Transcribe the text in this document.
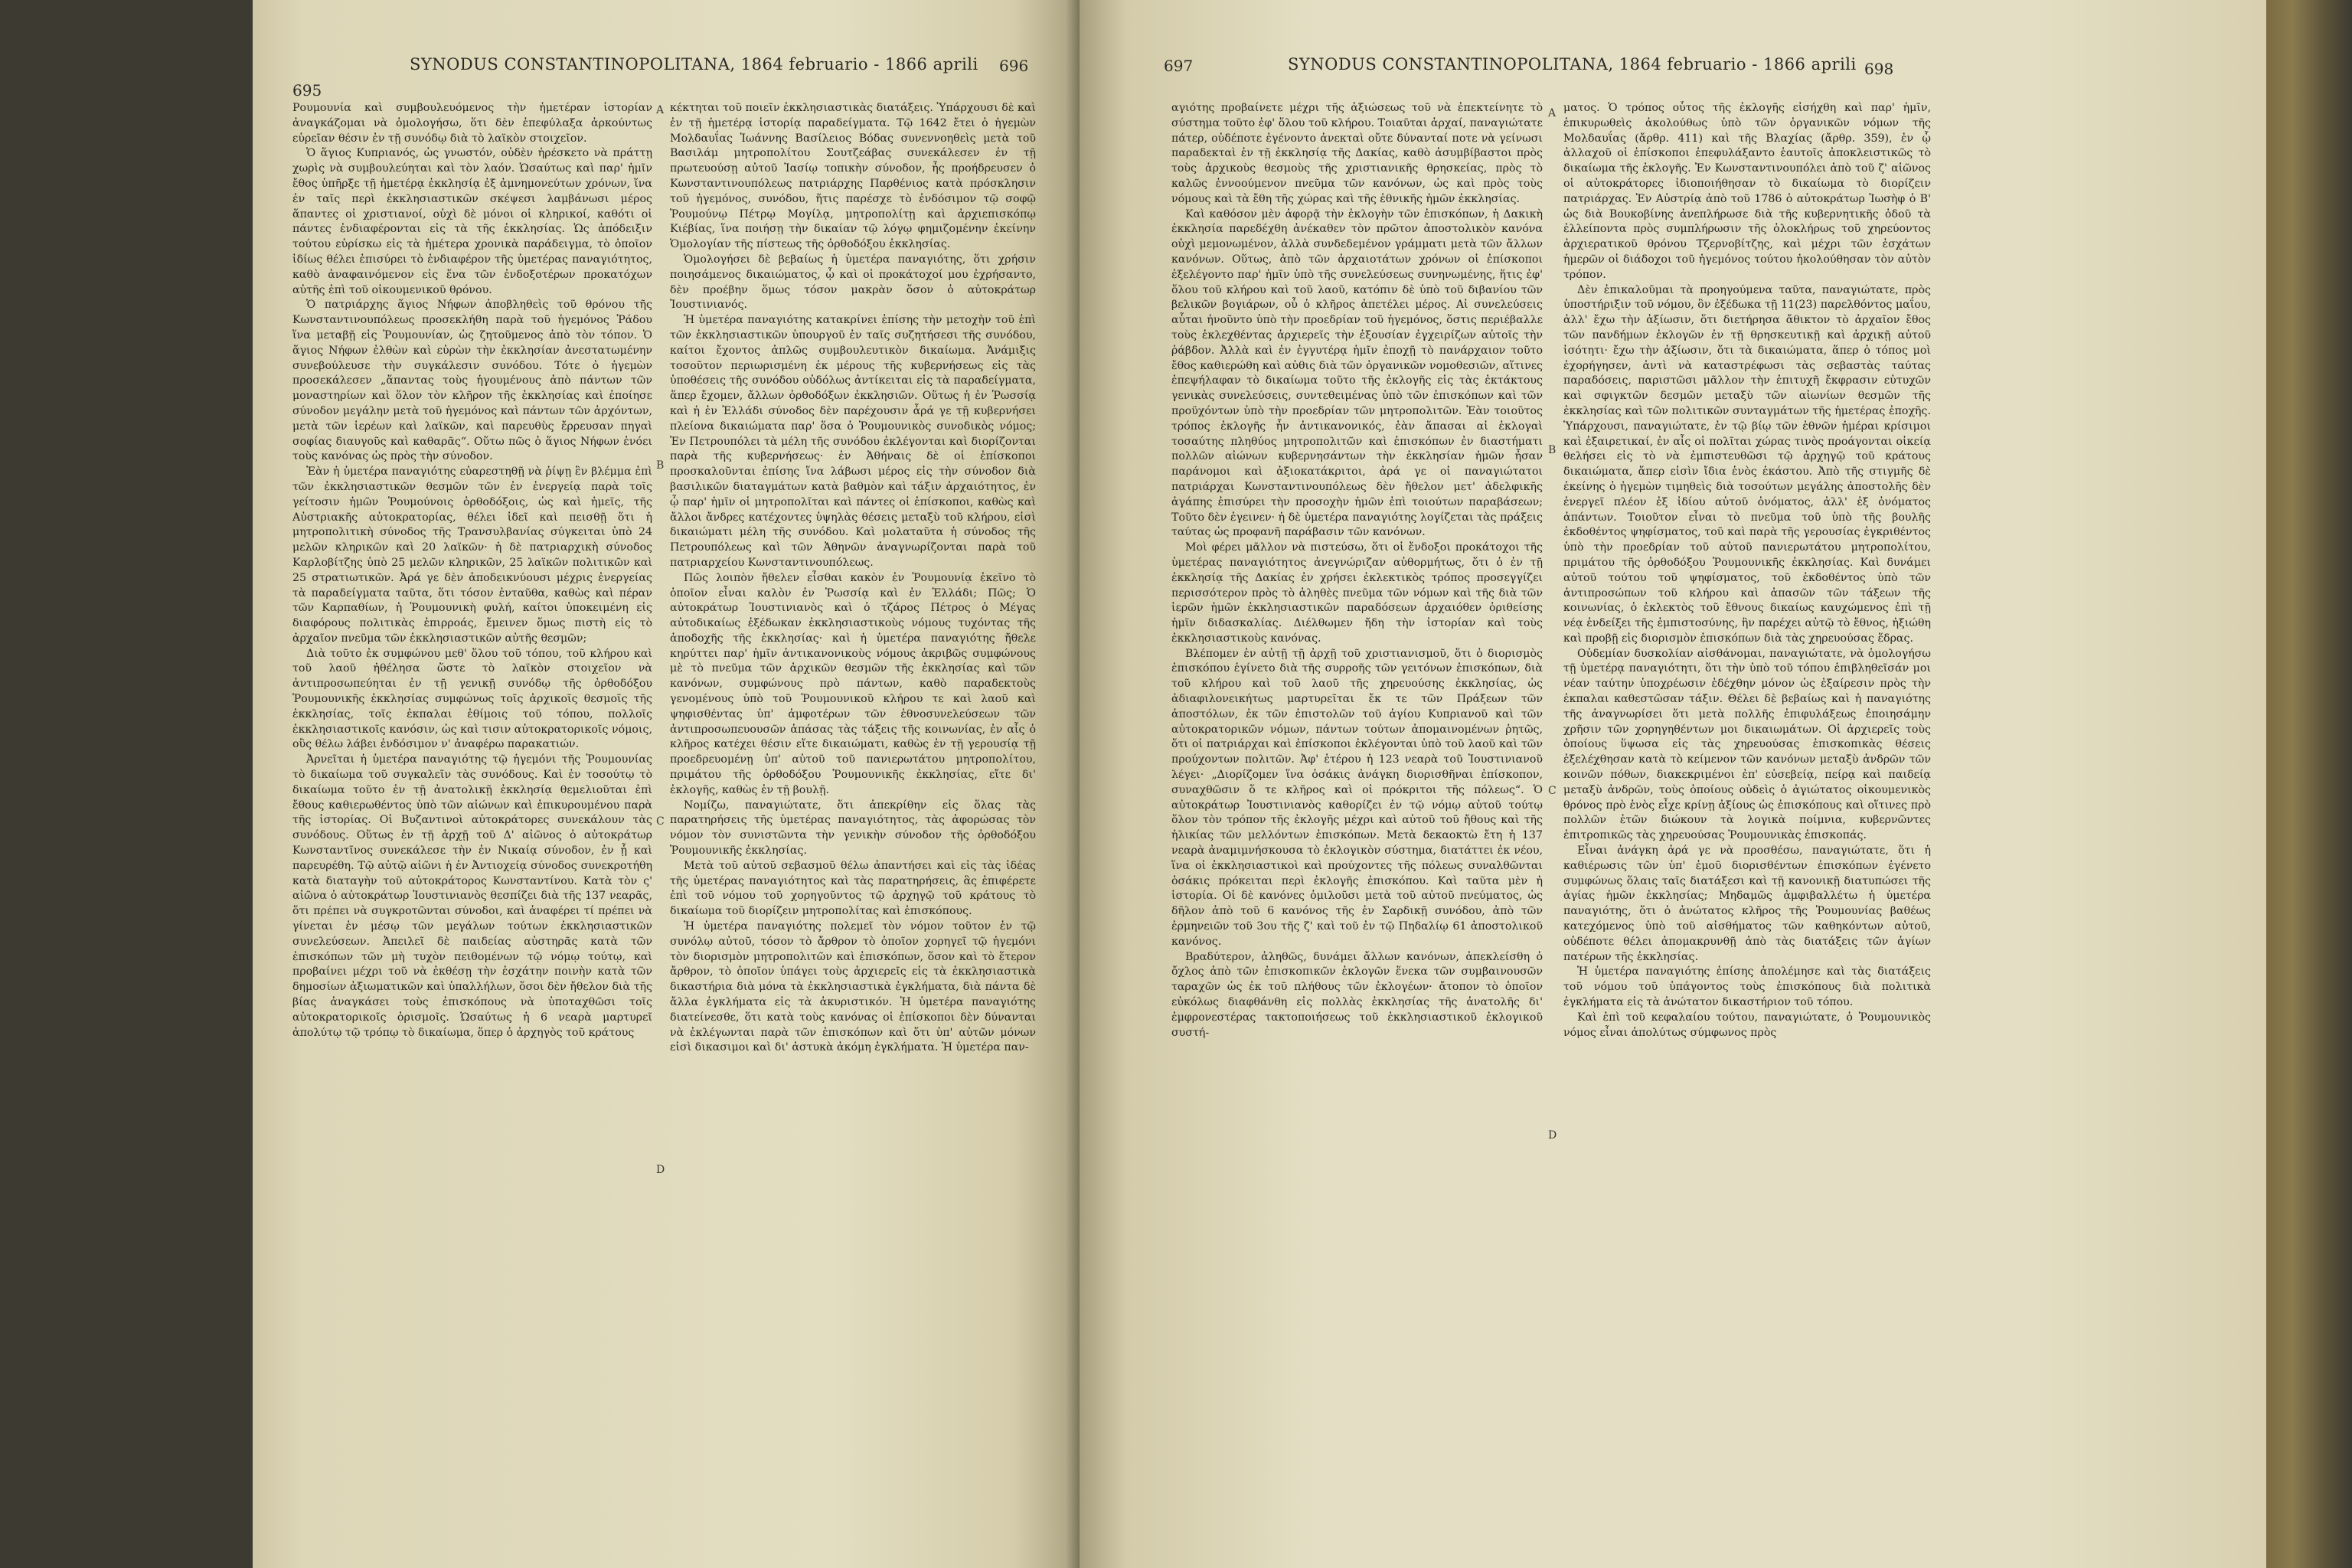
695
SYNODUS CONSTANTINOPOLITANA, 1864 februario - 1866 aprili 696

Ρουμουνία καὶ συμβουλευόμενος τὴν ἡμετέραν ἱστορίαν ἀναγκάζομαι νὰ ὁμολογήσω, ὅτι δὲν ἐπεφύλαξα ἀρκούντως εὑρεῖαν θέσιν ἐν τῇ συνόδῳ διὰ τὸ λαϊκὸν στοιχεῖον.

Ὁ ἅγιος Κυπριανός, ὡς γνωστόν, οὐδὲν ἠρέσκετο νὰ πράττῃ χωρὶς νὰ συμβουλεύηται καὶ τὸν λαόν. Ὡσαύτως καὶ παρ' ἡμῖν ἔθος ὑπῆρξε τῇ ἡμετέρᾳ ἐκκλησίᾳ ἐξ ἀμνημονεύτων χρόνων, ἵνα ἐν ταῖς περὶ ἐκκλησιαστικῶν σκέψεσι λαμβάνωσι μέρος ἅπαντες οἱ χριστιανοί, οὐχὶ δὲ μόνοι οἱ κληρικοί, καθότι οἱ πάντες ἐνδιαφέρονται εἰς τὰ τῆς ἐκκλησίας. Ὡς ἀπόδειξιν τούτου εὑρίσκω εἰς τὰ ἡμέτερα χρονικὰ παράδειγμα, τὸ ὁποῖον ἰδίως θέλει ἐπισύρει τὸ ἐνδιαφέρον τῆς ὑμετέρας παναγιότητος, καθὸ ἀναφαινόμενον εἰς ἕνα τῶν ἐνδοξοτέρων προκατόχων αὐτῆς ἐπὶ τοῦ οἰκουμενικοῦ θρόνου.

Ὁ πατριάρχης ἅγιος Νήφων ἀποβληθεὶς τοῦ θρόνου τῆς Κωνσταντινουπόλεως προσεκλήθη παρὰ τοῦ ἡγεμόνος Ῥάδου ἵνα μεταβῇ εἰς Ῥουμουνίαν, ὡς ζητοῦμενος ἀπὸ τὸν τόπον. Ὁ ἅγιος Νήφων ἐλθὼν καὶ εὑρὼν τὴν ἐκκλησίαν ἀνεστατωμένην συνεβούλευσε τὴν συγκάλεσιν συνόδου. Τότε ὁ ἡγεμὼν προσεκάλεσεν „ἅπαντας τοὺς ἡγουμένους ἀπὸ πάντων τῶν μοναστηρίων καὶ ὅλον τὸν κλῆρον τῆς ἐκκλησίας καὶ ἐποίησε σύνοδον μεγάλην μετὰ τοῦ ἡγεμόνος καὶ πάντων τῶν ἀρχόντων, μετὰ τῶν ἱερέων καὶ λαϊκῶν, καὶ παρευθὺς ἔρρευσαν πηγαὶ σοφίας διαυγοῦς καὶ καθαρᾶς“. Οὕτω πῶς ὁ ἅγιος Νήφων ἐνόει τοὺς κανόνας ὡς πρὸς τὴν σύνοδον.

Ἐὰν ἡ ὑμετέρα παναγιότης εὐαρεστηθῇ νὰ ῥίψῃ ἓν βλέμμα ἐπὶ τῶν ἐκκλησιαστικῶν θεσμῶν τῶν ἐν ἐνεργείᾳ παρὰ τοῖς γείτοσιν ἡμῶν Ῥουμούνοις ὀρθοδόξοις, ὡς καὶ ἡμεῖς, τῆς Αὐστριακῆς αὐτοκρατορίας, θέλει ἰδεῖ καὶ πεισθῇ ὅτι ἡ μητροπολιτικὴ σύνοδος τῆς Τρανσυλβανίας σύγκειται ὑπὸ 24 μελῶν κληρικῶν καὶ 20 λαϊκῶν· ἡ δὲ πατριαρχικὴ σύνοδος Καρλοβίτζης ὑπὸ 25 μελῶν κληρικῶν, 25 λαϊκῶν πολιτικῶν καὶ 25 στρατιωτικῶν. Ἀρά γε δὲν ἀποδεικνύουσι μέχρις ἐνεργείας τὰ παραδείγματα ταῦτα, ὅτι τόσον ἐνταῦθα, καθὼς καὶ πέραν τῶν Καρπαθίων, ἡ Ῥουμουνικὴ φυλή, καίτοι ὑποκειμένη εἰς διαφόρους πολιτικὰς ἐπιρροάς, ἔμεινεν ὅμως πιστὴ εἰς τὸ ἀρχαῖον πνεῦμα τῶν ἐκκλησιαστικῶν αὐτῆς θεσμῶν;

Διὰ τοῦτο ἐκ συμφώνου μεθ' ὅλου τοῦ τόπου, τοῦ κλήρου καὶ τοῦ λαοῦ ἠθέλησα ὥστε τὸ λαϊκὸν στοιχεῖον νὰ ἀντιπροσωπεύηται ἐν τῇ γενικῇ συνόδῳ τῆς ὀρθοδόξου Ῥουμουνικῆς ἐκκλησίας συμφώνως τοῖς ἀρχικοῖς θεσμοῖς τῆς ἐκκλησίας, τοῖς ἐκπαλαι ἐθίμοις τοῦ τόπου, πολλοῖς ἐκκλησιαστικοῖς κανόσιν, ὡς καὶ τισιν αὐτοκρατορικοῖς νόμοις, οὓς θέλω λάβει ἐνδόσιμον ν' ἀναφέρω παρακατιών.

Ἀρνεῖται ἡ ὑμετέρα παναγιότης τῷ ἡγεμόνι τῆς Ῥουμουνίας τὸ δικαίωμα τοῦ συγκαλεῖν τὰς συνόδους. Καὶ ἐν τοσούτῳ τὸ δικαίωμα τοῦτο ἐν τῇ ἀνατολικῇ ἐκκλησίᾳ θεμελιοῦται ἐπὶ ἔθους καθιερωθέντος ὑπὸ τῶν αἰώνων καὶ ἐπικυρουμένου παρὰ τῆς ἱστορίας. Οἱ Βυζαντινοὶ αὐτοκράτορες συνεκάλουν τὰς συνόδους. Οὕτως ἐν τῇ ἀρχῇ τοῦ Δ' αἰῶνος ὁ αὐτοκράτωρ Κωνσταντῖνος συνεκάλεσε τὴν ἐν Νικαίᾳ σύνοδον, ἐν ᾗ καὶ παρευρέθη. Τῷ αὐτῷ αἰῶνι ἡ ἐν Ἀντιοχείᾳ σύνοδος συνεκροτήθη κατὰ διαταγὴν τοῦ αὐτοκράτορος Κωνσταντίνου. Κατὰ τὸν ς' αἰῶνα ὁ αὐτοκράτωρ Ἰουστινιανὸς θεσπίζει διὰ τῆς 137 νεαρᾶς, ὅτι πρέπει νὰ συγκροτῶνται σύνοδοι, καὶ ἀναφέρει τί πρέπει νὰ γίνεται ἐν μέσῳ τῶν μεγάλων τούτων ἐκκλησιαστικῶν συνελεύσεων. Ἀπειλεῖ δὲ παιδείας αὐστηρᾶς κατὰ τῶν ἐπισκόπων τῶν μὴ τυχὸν πειθομένων τῷ νόμῳ τούτῳ, καὶ προβαίνει μέχρι τοῦ νὰ ἐκθέσῃ τὴν ἐσχάτην ποινὴν κατὰ τῶν δημοσίων ἀξιωματικῶν καὶ ὑπαλλήλων, ὅσοι δὲν ἤθελον διὰ τῆς βίας ἀναγκάσει τοὺς ἐπισκόπους νὰ ὑποταχθῶσι τοῖς αὐτοκρατορικοῖς ὁρισμοῖς. Ὡσαύτως ἡ 6 νεαρὰ μαρτυρεῖ ἀπολύτῳ τῷ τρόπῳ τὸ δικαίωμα, ὅπερ ὁ ἀρχηγὸς τοῦ κράτους

A
B
C
D

κέκτηται τοῦ ποιεῖν ἐκκλησιαστικὰς διατάξεις. Ὑπάρχουσι δὲ καὶ ἐν τῇ ἡμετέρᾳ ἱστορίᾳ παραδείγματα. Τῷ 1642 ἔτει ὁ ἡγεμὼν Μολδαυΐας Ἰωάννης Βασίλειος Βόδας συνεννοηθεὶς μετὰ τοῦ Βασιλάμ μητροπολίτου Σουτζεάβας συνεκάλεσεν ἐν τῇ πρωτευούσῃ αὐτοῦ Ἰασίῳ τοπικὴν σύνοδον, ἧς προήδρευσεν ὁ Κωνσταντινουπόλεως πατριάρχης Παρθένιος κατὰ πρόσκλησιν τοῦ ἡγεμόνος, συνόδου, ἥτις παρέσχε τὸ ἐνδόσιμον τῷ σοφῷ Ῥουμούνῳ Πέτρῳ Μογίλᾳ, μητροπολίτῃ καὶ ἀρχιεπισκόπῳ Κιέβίας, ἵνα ποιήσῃ τὴν δικαίαν τῷ λόγῳ φημιζομένην ἐκείνην Ὁμολογίαν τῆς πίστεως τῆς ὀρθοδόξου ἐκκλησίας.

Ὁμολογήσει δὲ βεβαίως ἡ ὑμετέρα παναγιότης, ὅτι χρήσιν ποιησάμενος δικαιώματος, ᾧ καὶ οἱ προκάτοχοί μου ἐχρήσαντο, δὲν προέβην ὅμως τόσον μακρὰν ὅσον ὁ αὐτοκράτωρ Ἰουστινιανός.

Ἡ ὑμετέρα παναγιότης κατακρίνει ἐπίσης τὴν μετοχὴν τοῦ ἐπὶ τῶν ἐκκλησιαστικῶν ὑπουργοῦ ἐν ταῖς συζητήσεσι τῆς συνόδου, καίτοι ἔχοντος ἁπλῶς συμβουλευτικὸν δικαίωμα. Ἀνάμιξις τοσοῦτον περιωρισμένη ἐκ μέρους τῆς κυβερνήσεως εἰς τὰς ὑποθέσεις τῆς συνόδου οὐδόλως ἀντίκειται εἰς τὰ παραδείγματα, ἅπερ ἔχομεν, ἄλλων ὀρθοδόξων ἐκκλησιῶν. Οὕτως ἡ ἐν Ῥωσσίᾳ καὶ ἡ ἐν Ἑλλάδι σύνοδος δὲν παρέχουσιν ἆρά γε τῇ κυβερνήσει πλείονα δικαιώματα παρ' ὅσα ὁ Ῥουμουνικὸς συνοδικὸς νόμος; Ἐν Πετρουπόλει τὰ μέλη τῆς συνόδου ἐκλέγονται καὶ διορίζονται παρὰ τῆς κυβερνήσεως· ἐν Ἀθήναις δὲ οἱ ἐπίσκοποι προσκαλοῦνται ἐπίσης ἵνα λάβωσι μέρος εἰς τὴν σύνοδον διὰ βασιλικῶν διαταγμάτων κατὰ βαθμὸν καὶ τάξιν ἀρχαιότητος, ἐν ᾧ παρ' ἡμῖν οἱ μητροπολῖται καὶ πάντες οἱ ἐπίσκοποι, καθὼς καὶ ἄλλοι ἄνδρες κατέχοντες ὑψηλὰς θέσεις μεταξὺ τοῦ κλήρου, εἰσὶ δικαιώματι μέλη τῆς συνόδου. Καὶ μολαταῦτα ἡ σύνοδος τῆς Πετρουπόλεως καὶ τῶν Ἀθηνῶν ἀναγνωρίζονται παρὰ τοῦ πατριαρχείου Κωνσταντινουπόλεως.

Πῶς λοιπὸν ἤθελεν εἶσθαι κακὸν ἐν Ῥουμουνίᾳ ἐκεῖνο τὸ ὁποῖον εἶναι καλὸν ἐν Ῥωσσίᾳ καὶ ἐν Ἑλλάδι; Πῶς; Ὁ αὐτοκράτωρ Ἰουστινιανὸς καὶ ὁ τζάρος Πέτρος ὁ Μέγας αὐτοδικαίως ἐξέδωκαν ἐκκλησιαστικοὺς νόμους τυχόντας τῆς ἀποδοχῆς τῆς ἐκκλησίας· καὶ ἡ ὑμετέρα παναγιότης ἤθελε κηρύττει παρ' ἡμῖν ἀντικανονικοὺς νόμους ἀκριβῶς συμφώνους μὲ τὸ πνεῦμα τῶν ἀρχικῶν θεσμῶν τῆς ἐκκλησίας καὶ τῶν κανόνων, συμφώνους πρὸ πάντων, καθὸ παραδεκτοὺς γενομένους ὑπὸ τοῦ Ῥουμουνικοῦ κλήρου τε καὶ λαοῦ καὶ ψηφισθέντας ὑπ' ἀμφοτέρων τῶν ἐθνοσυνελεύσεων τῶν ἀντιπροσωπευουσῶν ἁπάσας τὰς τάξεις τῆς κοινωνίας, ἐν αἷς ὁ κλῆρος κατέχει θέσιν εἴτε δικαιώματι, καθὼς ἐν τῇ γερουσίᾳ τῇ προεδρευομένῃ ὑπ' αὐτοῦ τοῦ πανιερωτάτου μητροπολίτου, πριμάτου τῆς ὀρθοδόξου Ῥουμουνικῆς ἐκκλησίας, εἴτε δι' ἐκλογῆς, καθὼς ἐν τῇ βουλῇ.

Νομίζω, παναγιώτατε, ὅτι ἀπεκρίθην εἰς ὅλας τὰς παρατηρήσεις τῆς ὑμετέρας παναγιότητος, τὰς ἀφορώσας τὸν νόμον τὸν συνιστῶντα τὴν γενικὴν σύνοδον τῆς ὀρθοδόξου Ῥουμουνικῆς ἐκκλησίας.

Μετὰ τοῦ αὐτοῦ σεβασμοῦ θέλω ἀπαντήσει καὶ εἰς τὰς ἰδέας τῆς ὑμετέρας παναγιότητος καὶ τὰς παρατηρήσεις, ἃς ἐπιφέρετε ἐπὶ τοῦ νόμου τοῦ χορηγοῦντος τῷ ἀρχηγῷ τοῦ κράτους τὸ δικαίωμα τοῦ διορίζειν μητροπολίτας καὶ ἐπισκόπους.

Ἡ ὑμετέρα παναγιότης πολεμεῖ τὸν νόμον τοῦτον ἐν τῷ συνόλῳ αὐτοῦ, τόσον τὸ ἄρθρον τὸ ὁποῖον χορηγεῖ τῷ ἡγεμόνι τὸν διορισμὸν μητροπολιτῶν καὶ ἐπισκόπων, ὅσον καὶ τὸ ἕτερον ἄρθρον, τὸ ὁποῖον ὑπάγει τοὺς ἀρχιερεῖς εἰς τὰ ἐκκλησιαστικὰ δικαστήρια διὰ μόνα τὰ ἐκκλησιαστικὰ ἐγκλήματα, διὰ πάντα δὲ ἄλλα ἐγκλήματα εἰς τὰ ἀκυριστικόν. Ἡ ὑμετέρα παναγιότης διατείνεσθε, ὅτι κατὰ τοὺς κανόνας οἱ ἐπίσκοποι δὲν δύνανται νὰ ἐκλέγωνται παρὰ τῶν ἐπισκόπων καὶ ὅτι ὑπ' αὐτῶν μόνων εἰσὶ δικασιμοι καὶ δι' ἀστυκὰ ἀκόμη ἐγκλήματα. Ἡ ὑμετέρα παν-

697	SYNODUS CONSTANTINOPOLITANA, 1864 februario - 1866 aprili 698

αγιότης προβαίνετε μέχρι τῆς ἀξιώσεως τοῦ νὰ ἐπεκτείνητε τὸ σύστημα τοῦτο ἐφ' ὅλου τοῦ κλήρου. Τοιαῦται ἀρχαί, παναγιώτατε πάτερ, οὐδέποτε ἐγένοντο ἀνεκταὶ οὔτε δύνανταί ποτε νὰ γείνωσι παραδεκταὶ ἐν τῇ ἐκκλησίᾳ τῆς Δακίας, καθὸ ἀσυμβίβαστοι πρὸς τοὺς ἀρχικοὺς θεσμοὺς τῆς χριστιανικῆς θρησκείας, πρὸς τὸ καλῶς ἐννοούμενον πνεῦμα τῶν κανόνων, ὡς καὶ πρὸς τοὺς νόμους καὶ τὰ ἔθη τῆς χώρας καὶ τῆς ἐθνικῆς ἡμῶν ἐκκλησίας.

Καὶ καθόσον μὲν ἀφορᾷ τὴν ἐκλογὴν τῶν ἐπισκόπων, ἡ Δακικὴ ἐκκλησία παρεδέχθη ἀνέκαθεν τὸν πρῶτον ἀποστολικὸν κανόνα οὐχὶ μεμονωμένον, ἀλλὰ συνδεδεμένον γράμματι μετὰ τῶν ἄλλων κανόνων. Οὕτως, ἀπὸ τῶν ἀρχαιοτάτων χρόνων οἱ ἐπίσκοποι ἐξελέγοντο παρ' ἡμῖν ὑπὸ τῆς συνελεύσεως συνηνωμένης, ἥτις ἐφ' ὅλου τοῦ κλήρου καὶ τοῦ λαοῦ, κατόπιν δὲ ὑπὸ τοῦ διβανίου τῶν βελικῶν βογιάρων, οὗ ὁ κλῆρος ἀπετέλει μέρος. Αἱ συνελεύσεις αὗται ἠνοῦντο ὑπὸ τὴν προεδρίαν τοῦ ἡγεμόνος, ὅστις περιέβαλλε τοὺς ἐκλεχθέντας ἀρχιερεῖς τὴν ἐξουσίαν ἐγχειρίζων αὐτοῖς τὴν ῥάβδον. Ἀλλὰ καὶ ἐν ἐγγυτέρᾳ ἡμῖν ἐποχῇ τὸ πανάρχαιον τοῦτο ἔθος καθιερώθη καὶ αὐθις διὰ τῶν ὀργανικῶν νομοθεσιῶν, αἵτινες ἐπεψήλαφαν τὸ δικαίωμα τοῦτο τῆς ἐκλογῆς εἰς τὰς ἐκτάκτους γενικὰς συνελεύσεις, συντεθειμένας ὑπὸ τῶν ἐπισκόπων καὶ τῶν προϋχόντων ὑπὸ τὴν προεδρίαν τῶν μητροπολιτῶν. Ἐὰν τοιοῦτος τρόπος ἐκλογῆς ἦν ἀντικανονικός, ἐὰν ἅπασαι αἱ ἐκλογαὶ τοσαύτης πληθύος μητροπολιτῶν καὶ ἐπισκόπων ἐν διαστήματι πολλῶν αἰώνων κυβερνησάντων τὴν ἐκκλησίαν ἡμῶν ἦσαν παράνομοι καὶ ἀξιοκατάκριτοι, ἀρά γε οἱ παναγιώτατοι πατριάρχαι Κωνσταντινουπόλεως δὲν ἤθελον μετ' ἀδελφικῆς ἀγάπης ἐπισύρει τὴν προσοχὴν ἡμῶν ἐπὶ τοιούτων παραβάσεων; Τοῦτο δὲν ἐγεινεν· ἡ δὲ ὑμετέρα παναγιότης λογίζεται τὰς πράξεις ταύτας ὡς προφανῆ παράβασιν τῶν κανόνων.

Μοὶ φέρει μᾶλλον νὰ πιστεύσω, ὅτι οἱ ἔνδοξοι προκάτοχοι τῆς ὑμετέρας παναγιότητος ἀνεγνώριζαν αὐθορμήτως, ὅτι ὁ ἐν τῇ ἐκκλησίᾳ τῆς Δακίας ἐν χρήσει ἐκλεκτικὸς τρόπος προσεγγίζει περισσότερον πρὸς τὸ ἀληθὲς πνεῦμα τῶν νόμων καὶ τῆς διὰ τῶν ἱερῶν ἡμῶν ἐκκλησιαστικῶν παραδόσεων ἀρχαιόθεν ὁριθείσης ἡμῖν διδασκαλίας. Διέλθωμεν ἤδη τὴν ἱστορίαν καὶ τοὺς ἐκκλησιαστικοὺς κανόνας.

Βλέπομεν ἐν αὐτῇ τῇ ἀρχῇ τοῦ χριστιανισμοῦ, ὅτι ὁ διορισμὸς ἐπισκόπου ἐγίνετο διὰ τῆς συρροῆς τῶν γειτόνων ἐπισκόπων, διὰ τοῦ κλήρου καὶ τοῦ λαοῦ τῆς χηρευούσης ἐκκλησίας, ὡς ἀδιαφιλονεικήτως μαρτυρεῖται ἔκ τε τῶν Πράξεων τῶν ἀποστόλων, ἐκ τῶν ἐπιστολῶν τοῦ ἁγίου Κυπριανοῦ καὶ τῶν αὐτοκρατορικῶν νόμων, πάντων τούτων ἀπομαινομένων ῥητῶς, ὅτι οἱ πατριάρχαι καὶ ἐπίσκοποι ἐκλέγονται ὑπὸ τοῦ λαοῦ καὶ τῶν προύχοντων πολιτῶν. Ἀφ' ἑτέρου ἡ 123 νεαρὰ τοῦ Ἰουστινιανοῦ λέγει· „Διορίζομεν ἵνα ὁσάκις ἀνάγκη διορισθῆναι ἐπίσκοπον, συναχθῶσιν ὅ τε κλῆρος καὶ οἱ πρόκριτοι τῆς πόλεως“. Ὁ αὐτοκράτωρ Ἰουστινιανὸς καθορίζει ἐν τῷ νόμῳ αὐτοῦ τούτῳ ὅλον τὸν τρόπον τῆς ἐκλογῆς μέχρι καὶ αὐτοῦ τοῦ ἤθους καὶ τῆς ἡλικίας τῶν μελλόντων ἐπισκόπων. Μετὰ δεκαοκτὼ ἔτη ἡ 137 νεαρὰ ἀναμιμνήσκουσα τὸ ἐκλογικὸν σύστημα, διατάττει ἐκ νέου, ἵνα οἱ ἐκκλησιαστικοὶ καὶ προύχοντες τῆς πόλεως συναλθῶνται ὁσάκις πρόκειται περὶ ἐκλογῆς ἐπισκόπου. Καὶ ταῦτα μὲν ἡ ἱστορία. Οἱ δὲ κανόνες ὁμιλοῦσι μετὰ τοῦ αὐτοῦ πνεύματος, ὡς δῆλον ἀπὸ τοῦ 6 κανόνος τῆς ἐν Σαρδικῇ συνόδου, ἀπὸ τῶν ἑρμηνειῶν τοῦ 3ου τῆς ζ' καὶ τοῦ ἐν τῷ Πηδαλίῳ 61 ἀποστολικοῦ κανόνος.

Βραδύτερον, ἀληθῶς, δυνάμει ἄλλων κανόνων, ἀπεκλείσθη ὁ ὄχλος ἀπὸ τῶν ἐπισκοπικῶν ἐκλογῶν ἕνεκα τῶν συμβαινουσῶν ταραχῶν ὡς ἐκ τοῦ πλήθους τῶν ἐκλογέων· ἄτοπον τὸ ὁποῖον εὐκόλως διαφθάνθη εἰς πολλὰς ἐκκλησίας τῆς ἀνατολῆς δι' ἐμφρονεστέρας τακτοποιήσεως τοῦ ἐκκλησιαστικοῦ ἐκλογικοῦ συστή-

A
B
C
D

ματος. Ὁ τρόπος οὗτος τῆς ἐκλογῆς εἰσήχθη καὶ παρ' ἡμῖν, ἐπικυρωθεὶς ἀκολούθως ὑπὸ τῶν ὀργανικῶν νόμων τῆς Μολδαυΐας (ἄρθρ. 411) καὶ τῆς Βλαχίας (ἄρθρ. 359), ἐν ᾧ ἀλλαχοῦ οἱ ἐπίσκοποι ἐπεφυλάξαντο ἑαυτοῖς ἀποκλειστικῶς τὸ δικαίωμα τῆς ἐκλογῆς. Ἐν Κωνσταντινουπόλει ἀπὸ τοῦ ζ' αἰῶνος οἱ αὐτοκράτορες ἰδιοποιήθησαν τὸ δικαίωμα τὸ διορίζειν πατριάρχας. Ἐν Αὐστρίᾳ ἀπὸ τοῦ 1786 ὁ αὐτοκράτωρ Ἰωσὴφ ὁ Β' ὡς διὰ Βουκοβίνης ἀνεπλήρωσε διὰ τῆς κυβερνητικῆς ὁδοῦ τὰ ἐλλείποντα πρὸς συμπλήρωσιν τῆς ὁλοκλήρως τοῦ χηρεύοντος ἀρχιερατικοῦ θρόνου Τζερνοβίτζης, καὶ μέχρι τῶν ἐσχάτων ἡμερῶν οἱ διάδοχοι τοῦ ἡγεμόνος τούτου ἠκολούθησαν τὸν αὐτὸν τρόπον.

Δὲν ἐπικαλοῦμαι τὰ προηγούμενα ταῦτα, παναγιώτατε, πρὸς ὑποστήριξιν τοῦ νόμου, ὃν ἐξέδωκα τῇ 11(23) παρελθόντος μαΐου, ἀλλ' ἔχω τὴν ἀξίωσιν, ὅτι διετήρησα ἄθικτον τὸ ἀρχαῖον ἔθος τῶν πανδήμων ἐκλογῶν ἐν τῇ θρησκευτικῇ καὶ ἀρχικῇ αὐτοῦ ἰσότητι· ἔχω τὴν ἀξίωσιν, ὅτι τὰ δικαιώματα, ἅπερ ὁ τόπος μοὶ ἐχορήγησεν, ἀντὶ νὰ καταστρέφωσι τὰς σεβαστὰς ταύτας παραδόσεις, παριστῶσι μᾶλλον τὴν ἐπιτυχῆ ἔκφρασιν εὐτυχῶν καὶ σφιγκτῶν δεσμῶν μεταξὺ τῶν αἰωνίων θεσμῶν τῆς ἐκκλησίας καὶ τῶν πολιτικῶν συνταγμάτων τῆς ἡμετέρας ἐποχῆς. Ὑπάρχουσι, παναγιώτατε, ἐν τῷ βίῳ τῶν ἐθνῶν ἡμέραι κρίσιμοι καὶ ἐξαιρετικαί, ἐν αἷς οἱ πολῖται χώρας τινὸς προάγονται οἰκείᾳ θελήσει εἰς τὸ νὰ ἐμπιστευθῶσι τῷ ἀρχηγῷ τοῦ κράτους δικαιώματα, ἅπερ εἰσὶν ἴδια ἑνὸς ἑκάστου. Ἀπὸ τῆς στιγμῆς δὲ ἐκείνης ὁ ἡγεμὼν τιμηθεὶς διὰ τοσούτων μεγάλης ἀποστολῆς δὲν ἐνεργεῖ πλέον ἐξ ἰδίου αὐτοῦ ὀνόματος, ἀλλ' ἐξ ὀνόματος ἁπάντων. Τοιοῦτον εἶναι τὸ πνεῦμα τοῦ ὑπὸ τῆς βουλῆς ἐκδοθέντος ψηφίσματος, τοῦ καὶ παρὰ τῆς γερουσίας ἐγκριθέντος ὑπὸ τὴν προεδρίαν τοῦ αὐτοῦ πανιερωτάτου μητροπολίτου, πριμάτου τῆς ὀρθοδόξου Ῥουμουνικῆς ἐκκλησίας. Καὶ δυνάμει αὐτοῦ τούτου τοῦ ψηφίσματος, τοῦ ἐκδοθέντος ὑπὸ τῶν ἀντιπροσώπων τοῦ κλήρου καὶ ἁπασῶν τῶν τάξεων τῆς κοινωνίας, ὁ ἐκλεκτὸς τοῦ ἔθνους δικαίως καυχώμενος ἐπὶ τῇ νέᾳ ἐνδείξει τῆς ἐμπιστοσύνης, ἣν παρέχει αὐτῷ τὸ ἔθνος, ἠξιώθη καὶ προβῇ εἰς διορισμὸν ἐπισκόπων διὰ τὰς χηρευούσας ἕδρας.

Οὐδεμίαν δυσκολίαν αἰσθάνομαι, παναγιώτατε, νὰ ὁμολογήσω τῇ ὑμετέρᾳ παναγιότητι, ὅτι τὴν ὑπὸ τοῦ τόπου ἐπιβληθεῖσάν μοι νέαν ταύτην ὑποχρέωσιν ἐδέχθην μόνον ὡς ἐξαίρεσιν πρὸς τὴν ἐκπαλαι καθεστῶσαν τάξιν. Θέλει δὲ βεβαίως καὶ ἡ παναγιότης τῆς ἀναγνωρίσει ὅτι μετὰ πολλῆς ἐπιφυλάξεως ἐποιησάμην χρῆσιν τῶν χορηγηθέντων μοι δικαιωμάτων. Οἱ ἀρχιερεῖς τοὺς ὁποίους ὕψωσα εἰς τὰς χηρευούσας ἐπισκοπικὰς θέσεις ἐξελέχθησαν κατὰ τὸ κείμενον τῶν κανόνων μεταξὺ ἀνδρῶν τῶν κοινῶν πόθων, διακεκριμένοι ἐπ' εὐσεβείᾳ, πείρᾳ καὶ παιδείᾳ μεταξὺ ἀνδρῶν, τοὺς ὁποίους οὐδεὶς ὁ ἀγιώτατος οἰκουμενικὸς θρόνος πρὸ ἑνὸς εἶχε κρίνῃ ἀξίους ὡς ἐπισκόπους καὶ οἵτινες πρὸ πολλῶν ἐτῶν διώκουν τὰ λογικὰ ποίμνια, κυβερνῶντες ἐπιτροπικῶς τὰς χηρευούσας Ῥουμουνικὰς ἐπισκοπάς.

Εἶναι ἀνάγκη ἀρά γε νὰ προσθέσω, παναγιώτατε, ὅτι ἡ καθιέρωσις τῶν ὑπ' ἐμοῦ διορισθέντων ἐπισκόπων ἐγένετο συμφώνως ὅλαις ταῖς διατάξεσι καὶ τῇ κανονικῇ διατυπώσει τῆς ἁγίας ἡμῶν ἐκκλησίας; Μηδαμῶς ἀμφιβαλλέτω ἡ ὑμετέρα παναγιότης, ὅτι ὁ ἀνώτατος κλῆρος τῆς Ῥουμουνίας βαθέως κατεχόμενος ὑπὸ τοῦ αἰσθήματος τῶν καθηκόντων αὐτοῦ, οὐδέποτε θέλει ἀπομακρυνθῇ ἀπὸ τὰς διατάξεις τῶν ἁγίων πατέρων τῆς ἐκκλησίας.

Ἡ ὑμετέρα παναγιότης ἐπίσης ἀπολέμησε καὶ τὰς διατάξεις τοῦ νόμου τοῦ ὑπάγοντος τοὺς ἐπισκόπους διὰ πολιτικὰ ἐγκλήματα εἰς τὰ ἀνώτατον δικαστήριον τοῦ τόπου.

Καὶ ἐπὶ τοῦ κεφαλαίου τούτου, παναγιώτατε, ὁ Ῥουμουνικὸς νόμος εἶναι ἀπολύτως σύμφωνος πρὸς
